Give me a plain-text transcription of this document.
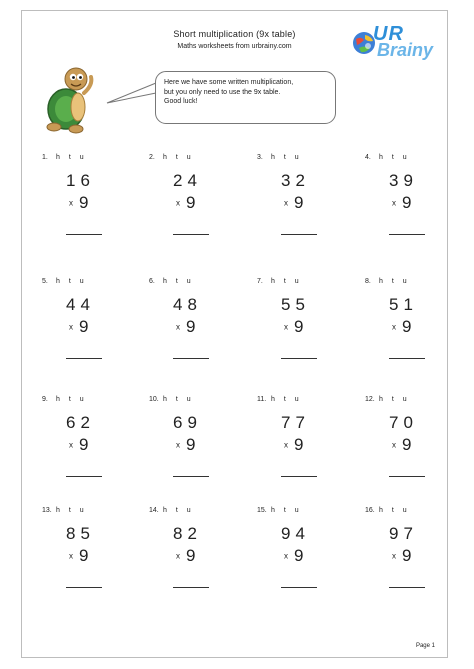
Short multiplication (9x table)
Maths worksheets from urbrainy.com
UR
Brainy
Here we have some written multiplication,
but you only need to use the 9x table.
Good luck!
1. h t u
16
x 9
2. h t u
24
x 9
3. h t u
32
x 9
4. h t u
39
x 9
5. h t u
44
x 9
6. h t u
48
x 9
7. h t u
55
x 9
8. h t u
51
x 9
9. h t u
62
x 9
10. h t u
69
x 9
11. h t u
77
x 9
12. h t u
70
x 9
13. h t u
85
x 9
14. h t u
82
x 9
15. h t u
94
x 9
16. h t u
97
x 9
Page 1
